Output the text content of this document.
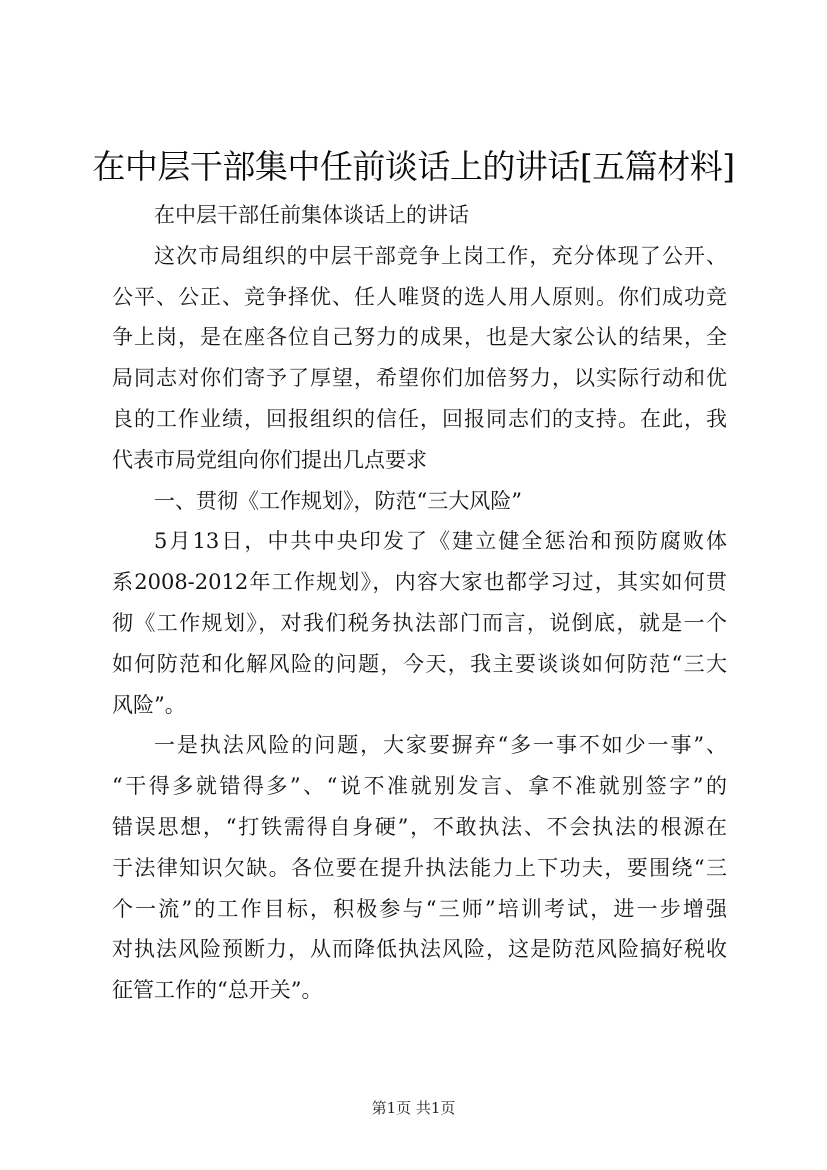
在中层干部集中任前谈话上的讲话[五篇材料]
在中层干部任前集体谈话上的讲话
这次市局组织的中层干部竞争上岗工作，充分体现了公开、
公平、公正、竞争择优、任人唯贤的选人用人原则。你们成功竞
争上岗，是在座各位自己努力的成果，也是大家公认的结果，全
局同志对你们寄予了厚望，希望你们加倍努力，以实际行动和优
良的工作业绩，回报组织的信任，回报同志们的支持。在此，我
代表市局党组向你们提出几点要求
一、贯彻《工作规划》，防范“三大风险”
5月13日，中共中央印发了《建立健全惩治和预防腐败体
系2008-2012年工作规划》，内容大家也都学习过，其实如何贯
彻《工作规划》，对我们税务执法部门而言，说倒底，就是一个
如何防范和化解风险的问题，今天，我主要谈谈如何防范“三大
风险”。
一是执法风险的问题，大家要摒弃“多一事不如少一事”、
“干得多就错得多”、“说不准就别发言、拿不准就别签字”的
错误思想，“打铁需得自身硬”，不敢执法、不会执法的根源在
于法律知识欠缺。各位要在提升执法能力上下功夫，要围绕“三
个一流”的工作目标，积极参与“三师”培训考试，进一步增强
对执法风险预断力，从而降低执法风险，这是防范风险搞好税收
征管工作的“总开关”。
第1页 共1页
